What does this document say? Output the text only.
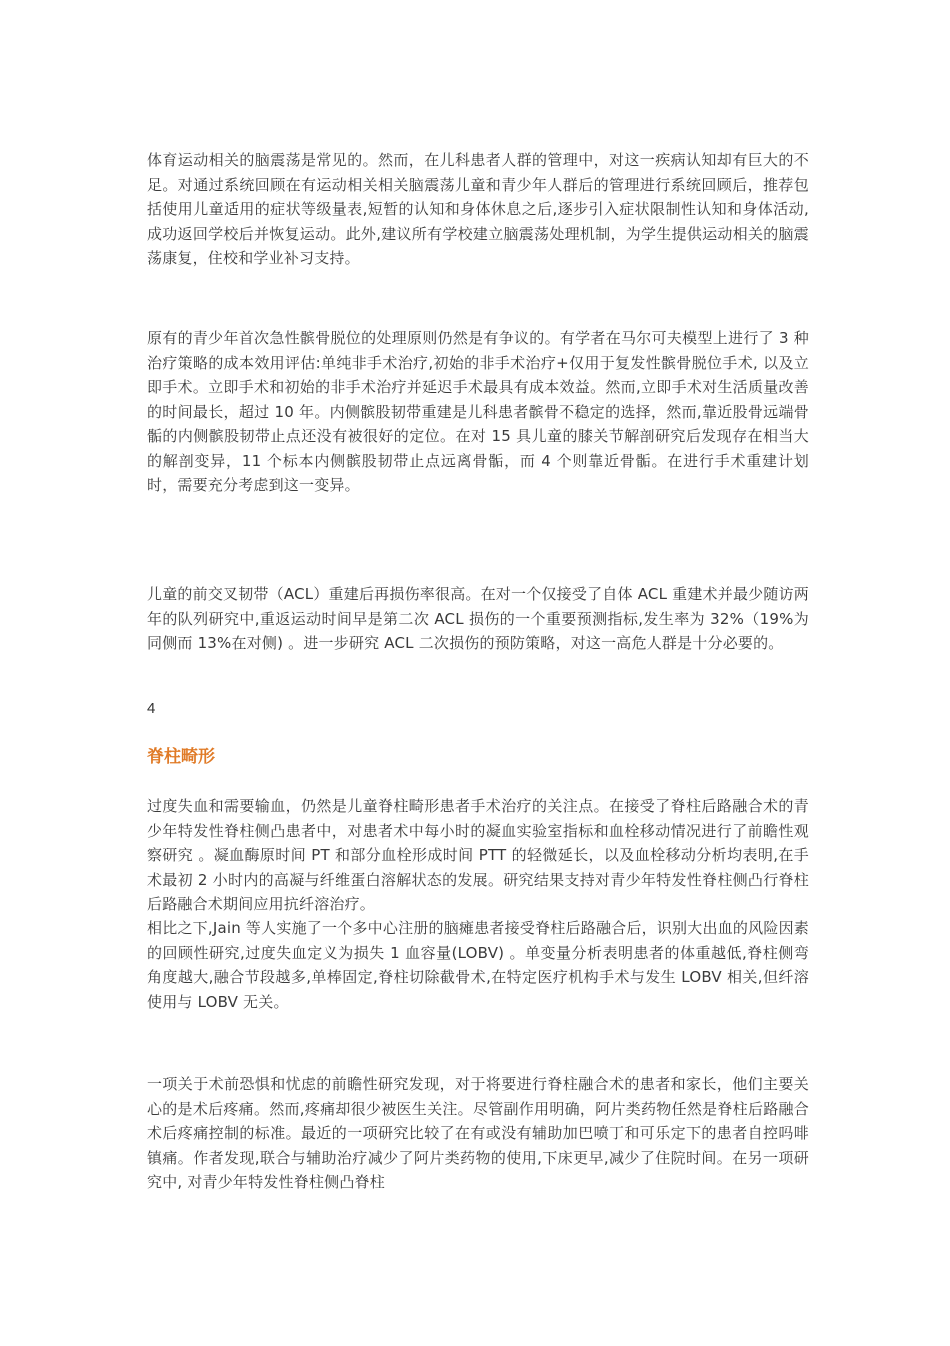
体育运动相关的脑震荡是常见的。然而，在儿科患者人群的管理中，对这一疾病认知却有巨大的不足。对通过系统回顾在有运动相关相关脑震荡儿童和青少年人群后的管理进行系统回顾后，推荐包括使用儿童适用的症状等级量表,短暂的认知和身体休息之后,逐步引入症状限制性认知和身体活动,成功返回学校后并恢复运动。此外,建议所有学校建立脑震荡处理机制，为学生提供运动相关的脑震荡康复，住校和学业补习支持。

原有的青少年首次急性髌骨脱位的处理原则仍然是有争议的。有学者在马尔可夫模型上进行了 3 种治疗策略的成本效用评估:单纯非手术治疗,初始的非手术治疗+仅用于复发性髌骨脱位手术, 以及立即手术。立即手术和初始的非手术治疗并延迟手术最具有成本效益。然而,立即手术对生活质量改善的时间最长，超过 10 年。内侧髌股韧带重建是儿科患者髌骨不稳定的选择，然而,靠近股骨远端骨骺的内侧髌股韧带止点还没有被很好的定位。在对 15 具儿童的膝关节解剖研究后发现存在相当大的解剖变异，11 个标本内侧髌股韧带止点远离骨骺，而 4 个则靠近骨骺。在进行手术重建计划时，需要充分考虑到这一变异。

儿童的前交叉韧带（ACL）重建后再损伤率很高。在对一个仅接受了自体 ACL 重建术并最少随访两年的队列研究中,重返运动时间早是第二次 ACL 损伤的一个重要预测指标,发生率为 32%（19%为同侧而 13%在对侧) 。进一步研究 ACL 二次损伤的预防策略，对这一高危人群是十分必要的。

4
脊柱畸形

过度失血和需要输血，仍然是儿童脊柱畸形患者手术治疗的关注点。在接受了脊柱后路融合术的青少年特发性脊柱侧凸患者中，对患者术中每小时的凝血实验室指标和血栓移动情况进行了前瞻性观察研究 。凝血酶原时间 PT 和部分血栓形成时间 PTT 的轻微延长，以及血栓移动分析均表明,在手术最初 2 小时内的高凝与纤维蛋白溶解状态的发展。研究结果支持对青少年特发性脊柱侧凸行脊柱后路融合术期间应用抗纤溶治疗。

相比之下,Jain 等人实施了一个多中心注册的脑瘫患者接受脊柱后路融合后，识别大出血的风险因素的回顾性研究,过度失血定义为损失 1 血容量(LOBV) 。单变量分析表明患者的体重越低,脊柱侧弯角度越大,融合节段越多,单棒固定,脊柱切除截骨术,在特定医疗机构手术与发生 LOBV 相关,但纤溶使用与 LOBV 无关。

一项关于术前恐惧和忧虑的前瞻性研究发现，对于将要进行脊柱融合术的患者和家长，他们主要关心的是术后疼痛。然而,疼痛却很少被医生关注。尽管副作用明确，阿片类药物任然是脊柱后路融合术后疼痛控制的标准。最近的一项研究比较了在有或没有辅助加巴喷丁和可乐定下的患者自控吗啡镇痛。作者发现,联合与辅助治疗减少了阿片类药物的使用,下床更早,减少了住院时间。在另一项研究中, 对青少年特发性脊柱侧凸脊柱
